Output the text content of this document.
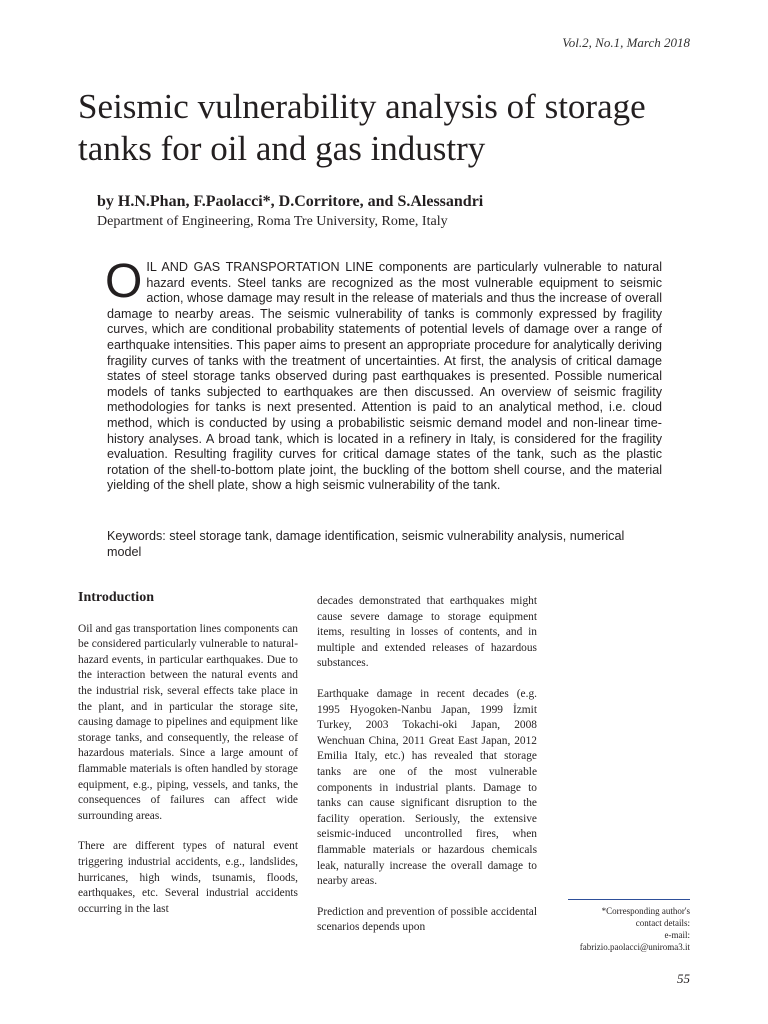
Vol.2, No.1, March 2018
Seismic vulnerability analysis of storage tanks for oil and gas industry
by H.N.Phan, F.Paolacci*, D.Corritore, and S.Alessandri
Department of Engineering, Roma Tre University, Rome, Italy
OIL AND GAS TRANSPORTATION LINE components are particularly vulnerable to natural hazard events. Steel tanks are recognized as the most vulnerable equipment to seismic action, whose damage may result in the release of materials and thus the increase of overall damage to nearby areas. The seismic vulnerability of tanks is commonly expressed by fragility curves, which are conditional probability statements of potential levels of damage over a range of earthquake intensities. This paper aims to present an appropriate procedure for analytically deriving fragility curves of tanks with the treatment of uncertainties. At first, the analysis of critical damage states of steel storage tanks observed during past earthquakes is presented. Possible numerical models of tanks subjected to earthquakes are then discussed. An overview of seismic fragility methodologies for tanks is next presented. Attention is paid to an analytical method, i.e. cloud method, which is conducted by using a probabilistic seismic demand model and non-linear time-history analyses. A broad tank, which is located in a refinery in Italy, is considered for the fragility evaluation. Resulting fragility curves for critical damage states of the tank, such as the plastic rotation of the shell-to-bottom plate joint, the buckling of the bottom shell course, and the material yielding of the shell plate, show a high seismic vulnerability of the tank.
Keywords: steel storage tank, damage identification, seismic vulnerability analysis, numerical model
Introduction

Oil and gas transportation lines components can be considered particularly vulnerable to natural-hazard events, in particular earthquakes. Due to the interaction between the natural events and the industrial risk, several effects take place in the plant, and in particular the storage site, causing damage to pipelines and equipment like storage tanks, and consequently, the release of hazardous materials. Since a large amount of flammable materials is often handled by storage equipment, e.g., piping, vessels, and tanks, the consequences of failures can affect wide surrounding areas.

There are different types of natural event triggering industrial accidents, e.g., landslides, hurricanes, high winds, tsunamis, floods, earthquakes, etc. Several industrial accidents occurring in the last

decades demonstrated that earthquakes might cause severe damage to storage equipment items, resulting in losses of contents, and in multiple and extended releases of hazardous substances.

Earthquake damage in recent decades (e.g. 1995 Hyogoken-Nanbu Japan, 1999 İzmit Turkey, 2003 Tokachi-oki Japan, 2008 Wenchuan China, 2011 Great East Japan, 2012 Emilia Italy, etc.) has revealed that storage tanks are one of the most vulnerable components in industrial plants. Damage to tanks can cause significant disruption to the facility operation. Seriously, the extensive seismic-induced uncontrolled fires, when flammable materials or hazardous chemicals leak, naturally increase the overall damage to nearby areas.

Prediction and prevention of possible accidental scenarios depends upon

*Corresponding author's
contact details:
e-mail:
fabrizio.paolacci@uniroma3.it
55
